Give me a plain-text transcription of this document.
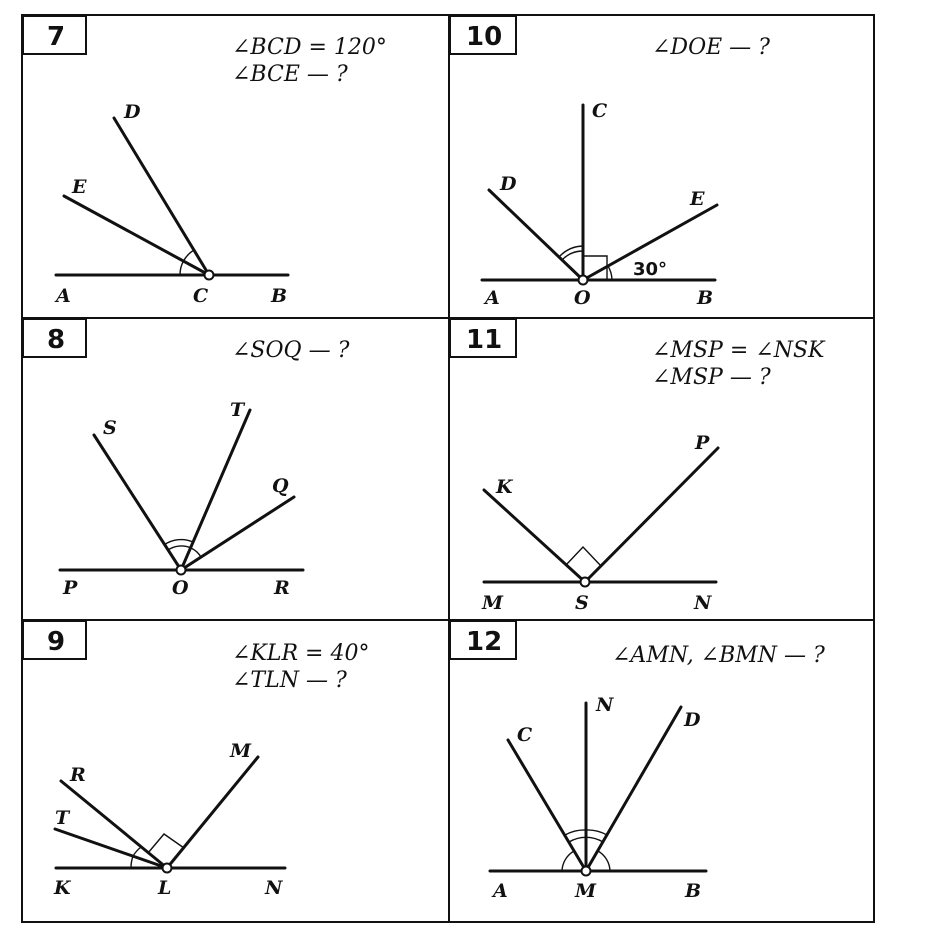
7	∠BCD = 120°
∠BCE — ?
D
E
A	C	B
10	∠DOE — ?
30°
C
D
E
A	O	B
8	∠SOQ — ?
S
T
Q
P	O	R
11	∠MSP = ∠NSK
∠MSP — ?
K
P
M	S	N
9	∠KLR = 40°
∠TLN — ?
R
T
M
K	L	N
12	∠AMN, ∠BMN — ?
N
C
D
A	M	B
